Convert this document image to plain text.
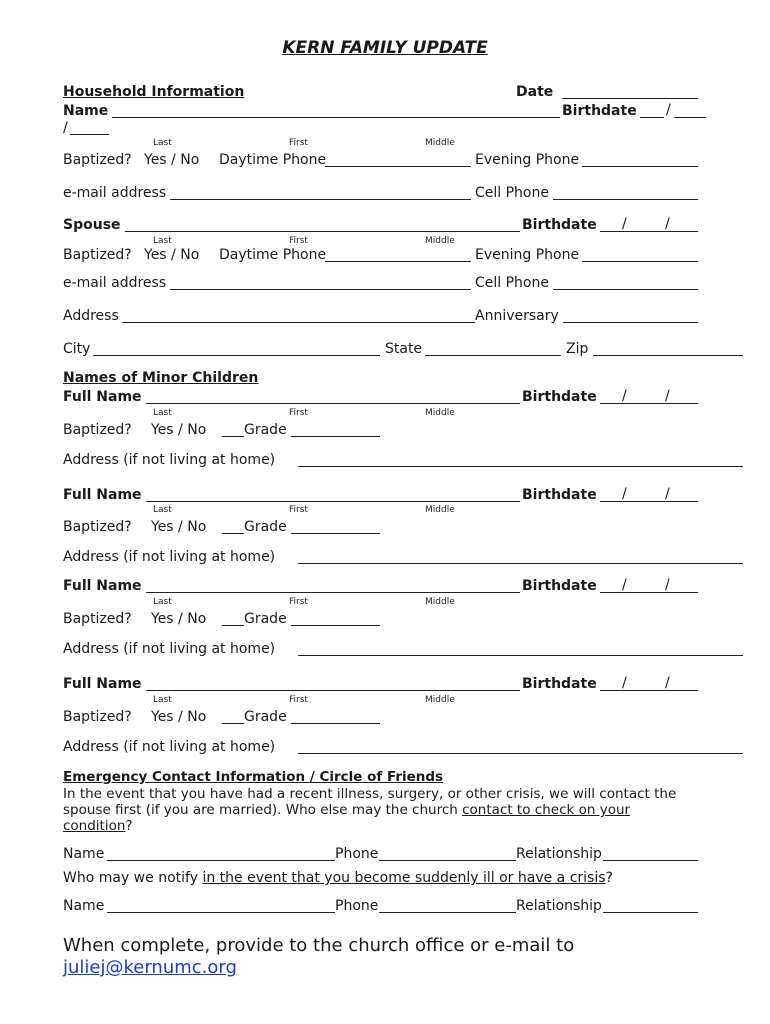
KERN FAMILY UPDATE
Household Information	Date
Name	Birthdate /
/
Last	First	Middle
Baptized? Yes / No Daytime Phone	Evening Phone
e-mail address	Cell Phone
Spouse	Birthdate /	/
Last	First	Middle
Baptized? Yes / No Daytime Phone	Evening Phone
e-mail address	Cell Phone
Address	Anniversary
City	State	Zip
Names of Minor Children
Full Name	Birthdate /	/
Last	First	Middle
Baptized? Yes / No	Grade
Address (if not living at home)
Full Name	Birthdate /	/
Last	First	Middle
Baptized? Yes / No	Grade
Address (if not living at home)
Full Name	Birthdate /	/
Last	First	Middle
Baptized? Yes / No	Grade
Address (if not living at home)
Full Name	Birthdate /	/
Last	First	Middle
Baptized? Yes / No	Grade
Address (if not living at home)
Emergency Contact Information / Circle of Friends
In the event that you have had a recent illness, surgery, or other crisis, we will contact the spouse first (if you are married). Who else may the church contact to check on your condition?
Name	Phone	Relationship
Who may we notify in the event that you become suddenly ill or have a crisis?
Name	Phone	Relationship
When complete, provide to the church office or e-mail to
juliej@kernumc.org
